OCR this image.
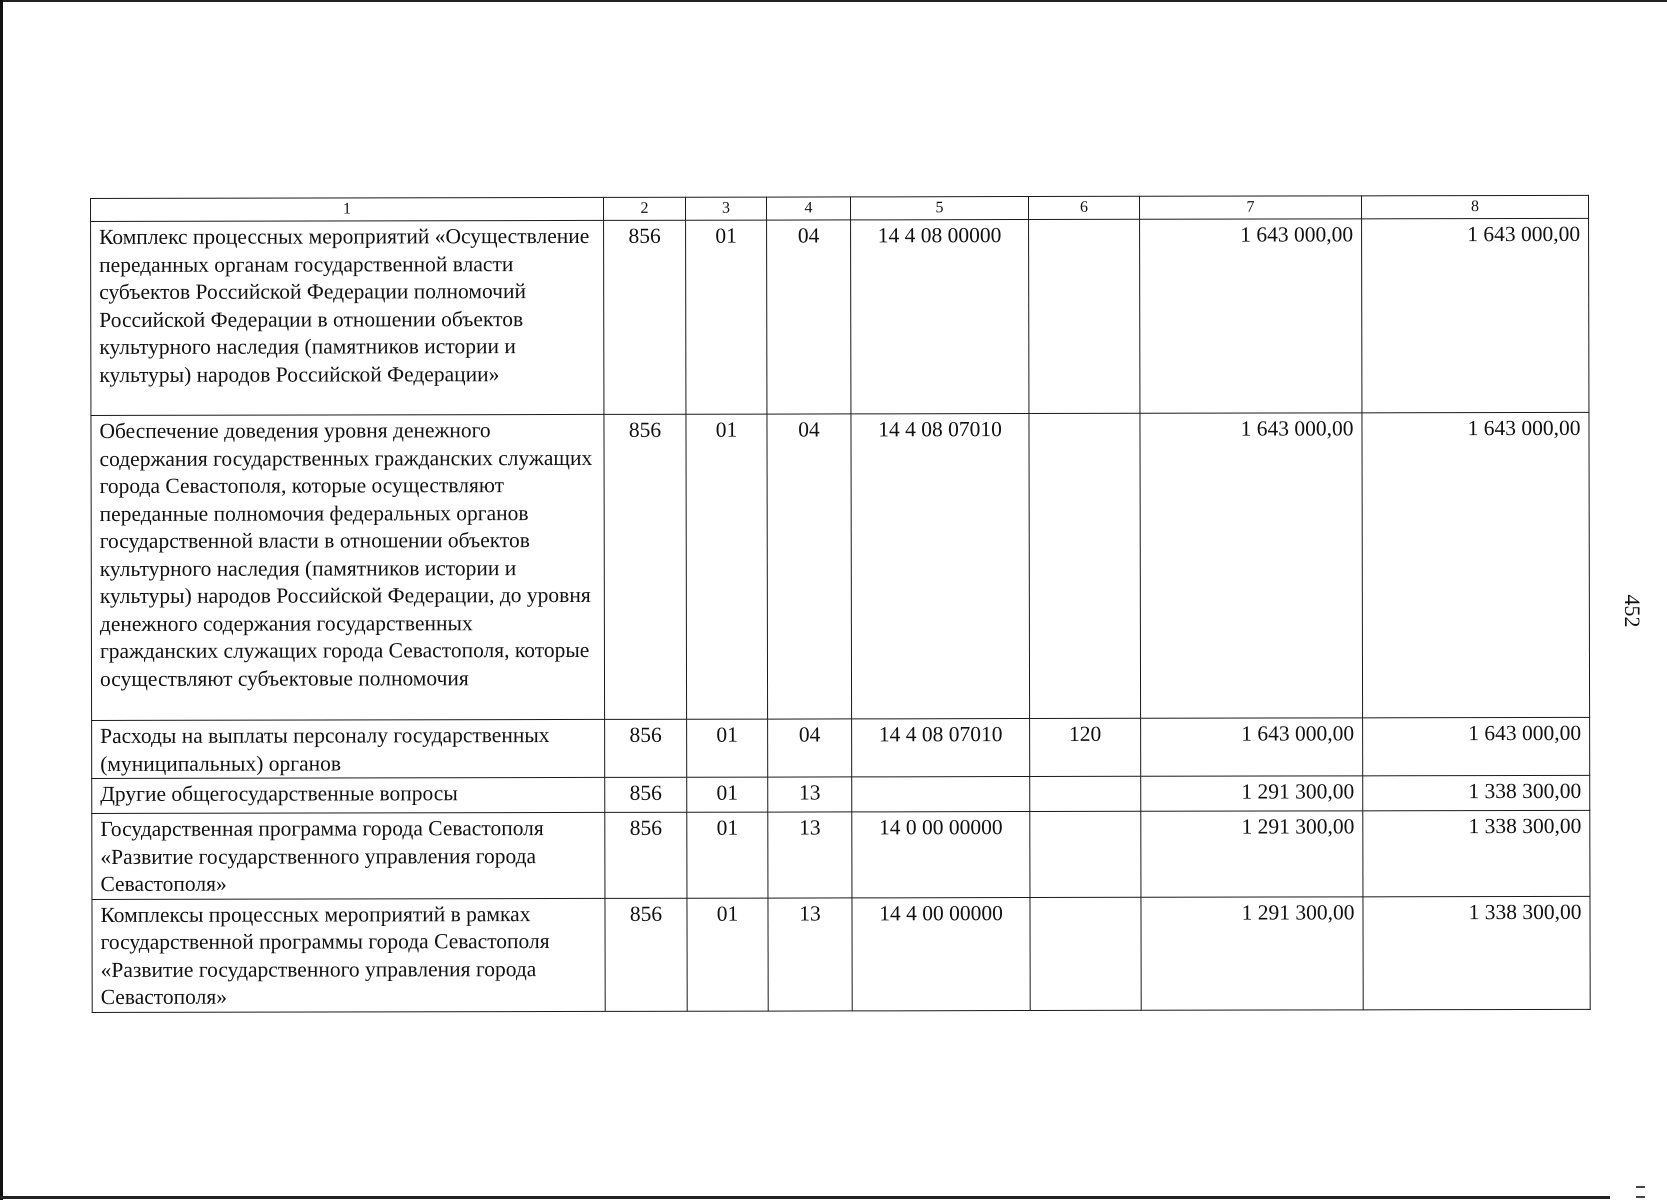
1	2	3	4	5	6	7	8
Комплекс процессных мероприятий «Осуществление переданных органам государственной власти субъектов Российской Федерации полномочий Российской Федерации в отношении объектов культурного наследия (памятников истории и культуры) народов Российской Федерации»	856	01	04	14 4 08 00000		1 643 000,00	1 643 000,00
Обеспечение доведения уровня денежного содержания государственных гражданских служащих города Севастополя, которые осуществляют переданные полномочия федеральных органов государственной власти в отношении объектов культурного наследия (памятников истории и культуры) народов Российской Федерации, до уровня денежного содержания государственных гражданских служащих города Севастополя, которые осуществляют субъектовые полномочия	856	01	04	14 4 08 07010		1 643 000,00	1 643 000,00
Расходы на выплаты персоналу государственных (муниципальных) органов	856	01	04	14 4 08 07010	120	1 643 000,00	1 643 000,00
Другие общегосударственные вопросы	856	01	13			1 291 300,00	1 338 300,00
Государственная программа города Севастополя «Развитие государственного управления города Севастополя»	856	01	13	14 0 00 00000		1 291 300,00	1 338 300,00
Комплексы процессных мероприятий в рамках государственной программы города Севастополя «Развитие государственного управления города Севастополя»	856	01	13	14 4 00 00000		1 291 300,00	1 338 300,00
452
